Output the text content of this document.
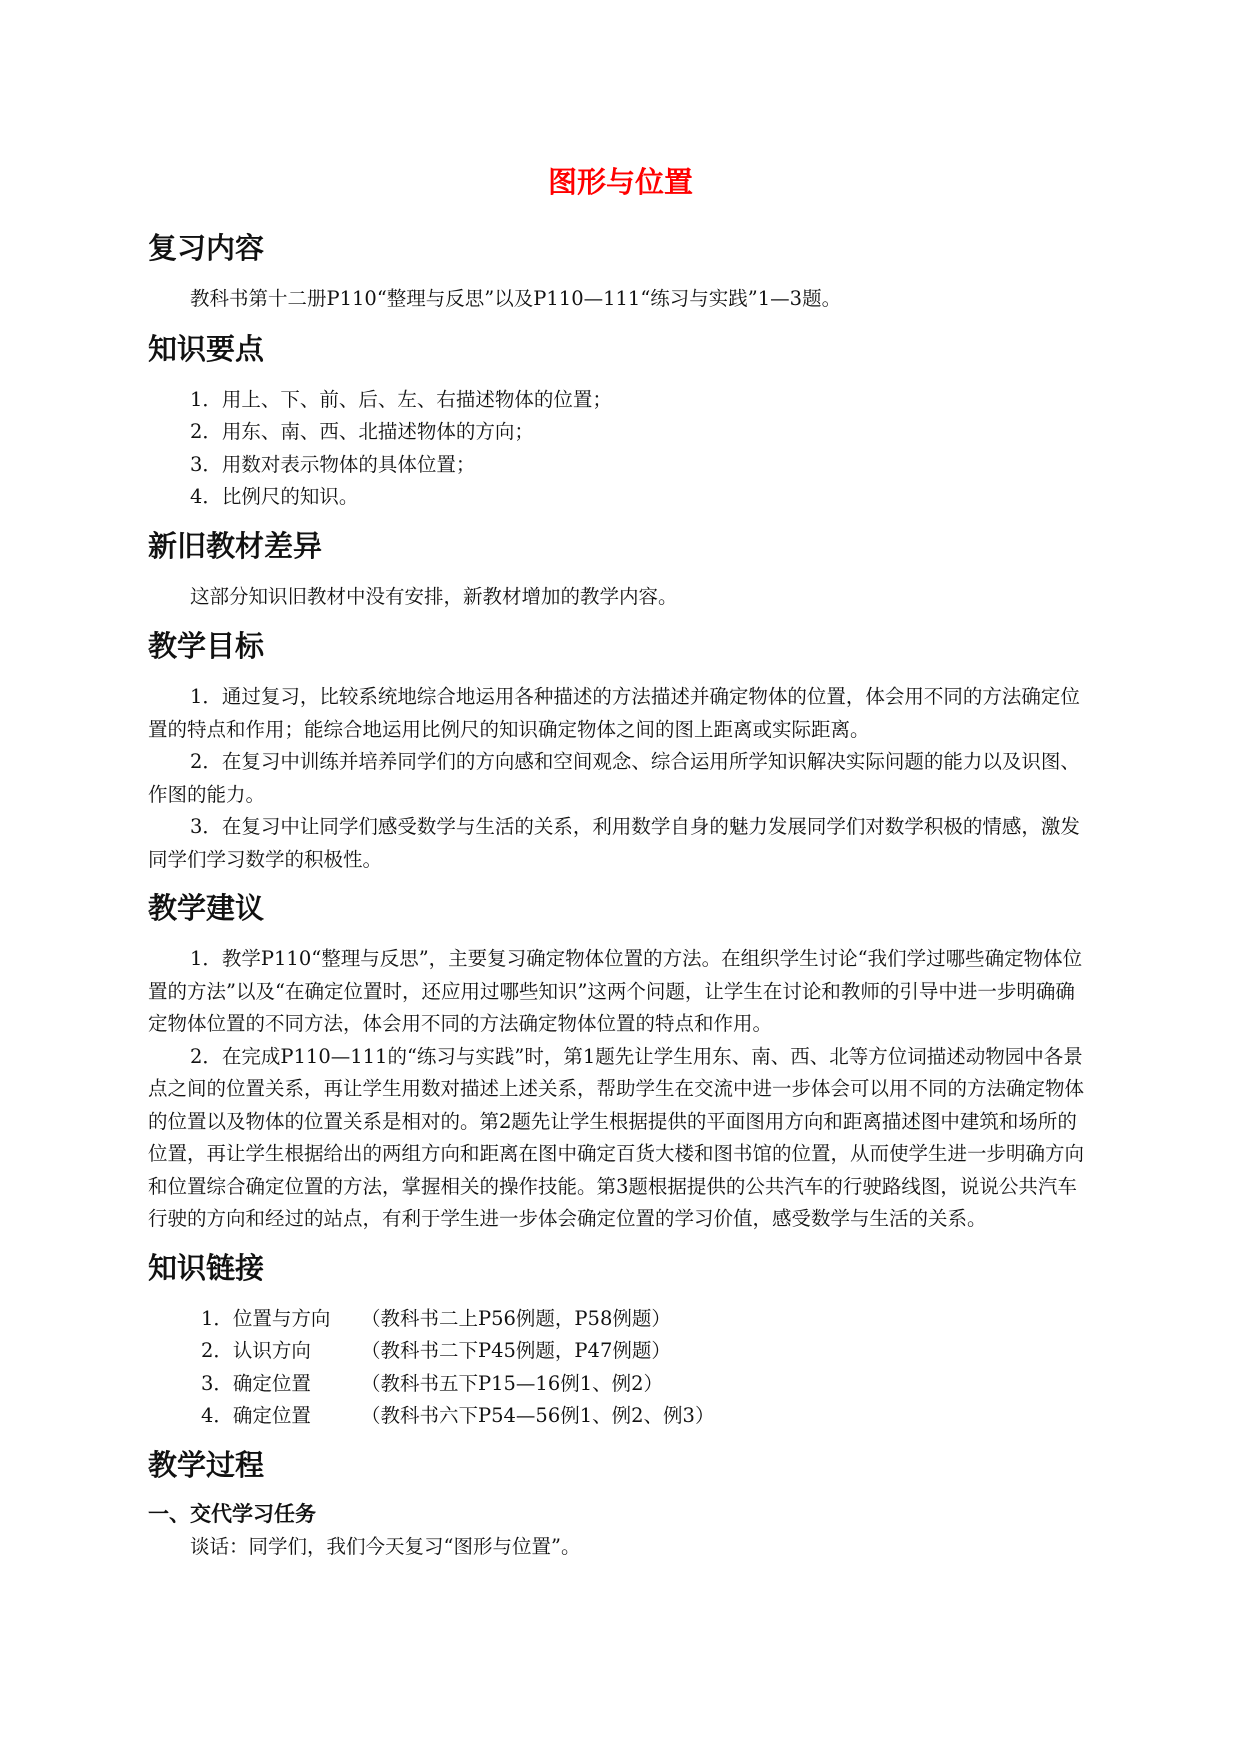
图形与位置
复习内容

教科书第十二册P110“整理与反思”以及P110—111“练习与实践”1—3题。

知识要点

1．用上、下、前、后、左、右描述物体的位置；

2．用东、南、西、北描述物体的方向；

3．用数对表示物体的具体位置；

4．比例尺的知识。

新旧教材差异

这部分知识旧教材中没有安排，新教材增加的教学内容。

教学目标

1．通过复习，比较系统地综合地运用各种描述的方法描述并确定物体的位置，体会用不同的方法确定位置的特点和作用；能综合地运用比例尺的知识确定物体之间的图上距离或实际距离。

2．在复习中训练并培养同学们的方向感和空间观念、综合运用所学知识解决实际问题的能力以及识图、作图的能力。

3．在复习中让同学们感受数学与生活的关系，利用数学自身的魅力发展同学们对数学积极的情感，激发同学们学习数学的积极性。

教学建议

1．教学P110“整理与反思”，主要复习确定物体位置的方法。在组织学生讨论“我们学过哪些确定物体位置的方法”以及“在确定位置时，还应用过哪些知识”这两个问题，让学生在讨论和教师的引导中进一步明确确定物体位置的不同方法，体会用不同的方法确定物体位置的特点和作用。

2．在完成P110—111的“练习与实践”时，第1题先让学生用东、南、西、北等方位词描述动物园中各景点之间的位置关系，再让学生用数对描述上述关系，帮助学生在交流中进一步体会可以用不同的方法确定物体的位置以及物体的位置关系是相对的。第2题先让学生根据提供的平面图用方向和距离描述图中建筑和场所的位置，再让学生根据给出的两组方向和距离在图中确定百货大楼和图书馆的位置，从而使学生进一步明确方向和位置综合确定位置的方法，掌握相关的操作技能。第3题根据提供的公共汽车的行驶路线图，说说公共汽车行驶的方向和经过的站点，有利于学生进一步体会确定位置的学习价值，感受数学与生活的关系。

知识链接
1．位置与方向	（教科书二上P56例题，P58例题）
2．认识方向	（教科书二下P45例题，P47例题）
3．确定位置	（教科书五下P15—16例1、例2）
4．确定位置	（教科书六下P54—56例1、例2、例3）
教学过程
一、交代学习任务

谈话：同学们，我们今天复习“图形与位置”。
